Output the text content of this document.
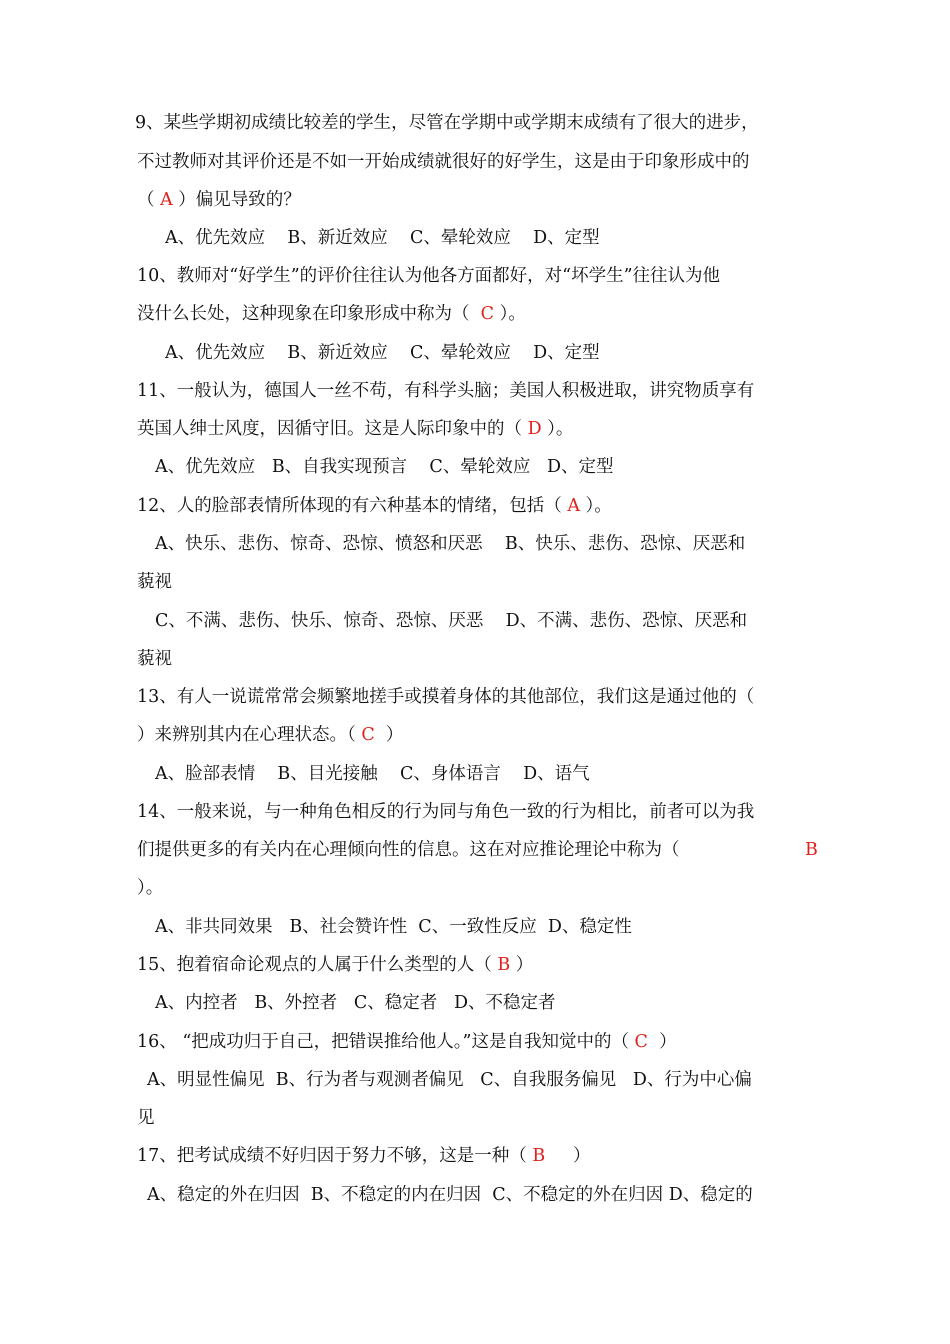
9、某些学期初成绩比较差的学生，尽管在学期中或学期末成绩有了很大的进步，
不过教师对其评价还是不如一开始成绩就很好的好学生，这是由于印象形成中的
（ A ）偏见导致的？
A、优先效应    B、新近效应    C、晕轮效应    D、定型
10、教师对“好学生”的评价往往认为他各方面都好，对“坏学生”往往认为他
没什么长处，这种现象在印象形成中称为（  C ）。
A、优先效应    B、新近效应    C、晕轮效应    D、定型
11、一般认为，德国人一丝不苟，有科学头脑；美国人积极进取，讲究物质享有
英国人绅士风度，因循守旧。这是人际印象中的（ D ）。
A、优先效应   B、自我实现预言    C、晕轮效应   D、定型
12、人的脸部表情所体现的有六种基本的情绪，包括（ A ）。
A、快乐、悲伤、惊奇、恐惊、愤怒和厌恶    B、快乐、悲伤、恐惊、厌恶和
藐视
C、不满、悲伤、快乐、惊奇、恐惊、厌恶    D、不满、悲伤、恐惊、厌恶和
藐视
13、有人一说谎常常会频繁地搓手或摸着身体的其他部位，我们这是通过他的（
）来辨别其内在心理状态。（ C  ）
A、脸部表情    B、目光接触    C、身体语言    D、语气
14、一般来说，与一种角色相反的行为同与角色一致的行为相比，前者可以为我
们提供更多的有关内在心理倾向性的信息。这在对应推论理论中称为（	B
）。
A、非共同效果   B、社会赞许性  C、一致性反应  D、稳定性
15、抱着宿命论观点的人属于什么类型的人（ B ）
A、内控者   B、外控者   C、稳定者   D、不稳定者
16、 “把成功归于自己，把错误推给他人。”这是自我知觉中的（ C  ）
A、明显性偏见  B、行为者与观测者偏见   C、自我服务偏见   D、行为中心偏
见
17、把考试成绩不好归因于努力不够，这是一种（ B     ）
A、稳定的外在归因  B、不稳定的内在归因  C、不稳定的外在归因 D、稳定的
